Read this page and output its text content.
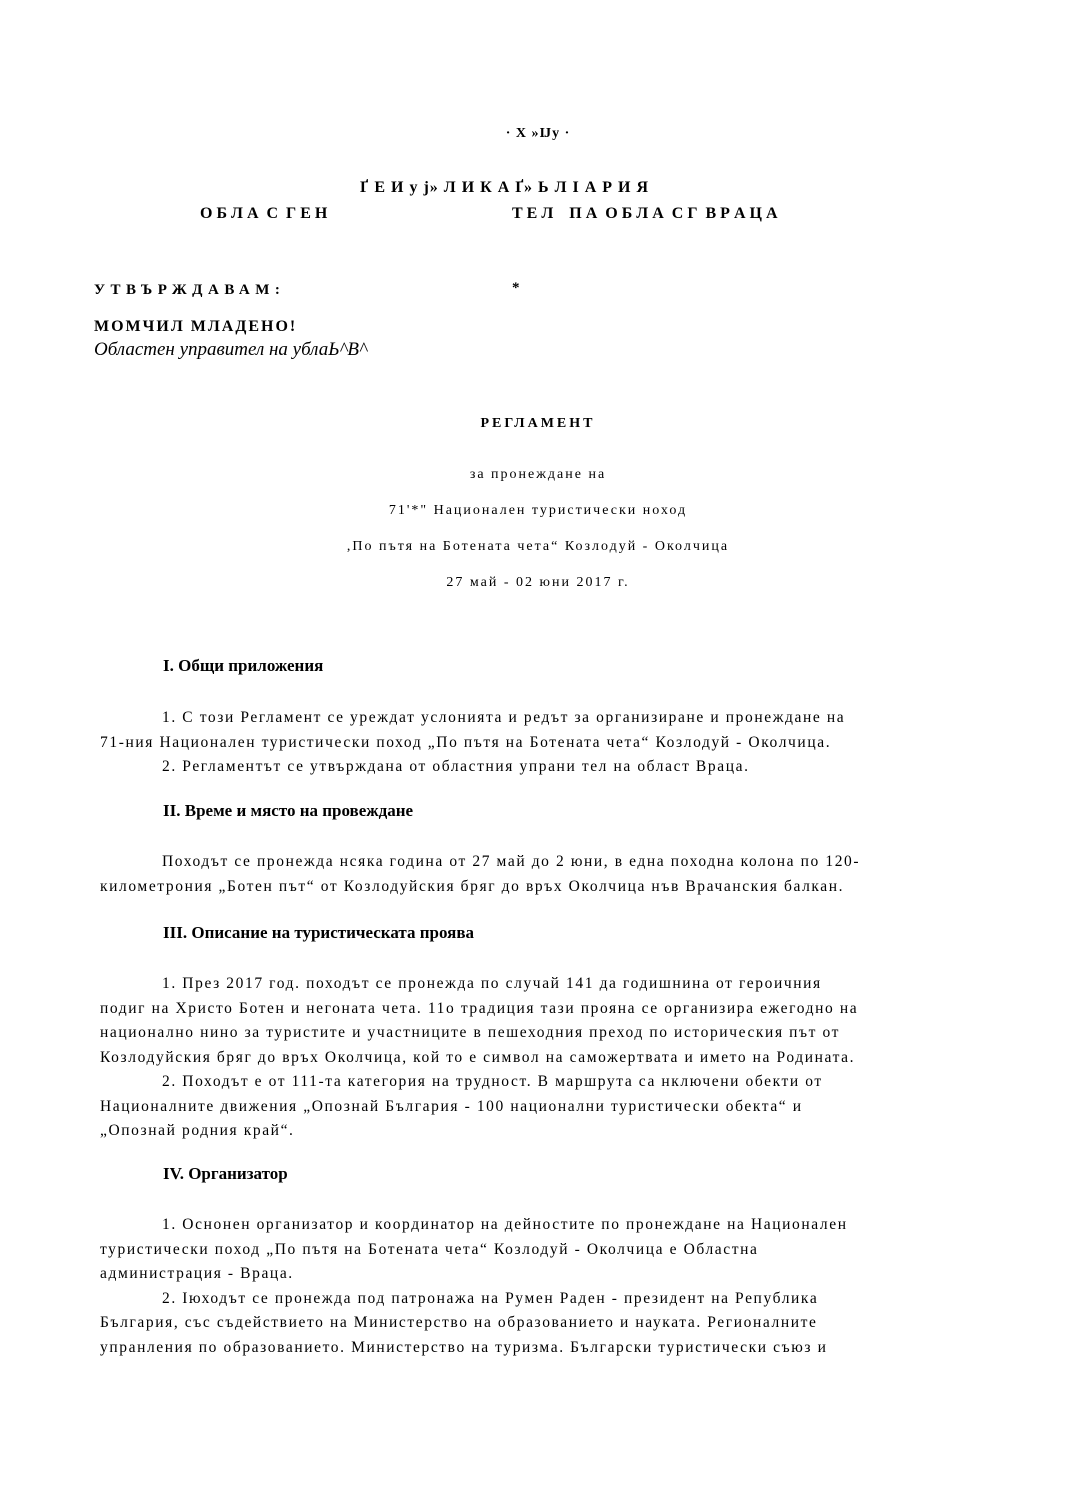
· X »Ĳу ·
Ґ Е И у j» Л И К А Ґ» Ь Л І А Р И Я
О Б Л А  С  Г Е Н	Т Е Л    П А  О Б Л А  С Г  В Р А Ц А
УТВЪРЖДАВАМ:	*
МОМЧИЛ МЛАДЕНО!
Областен управител на ублаЬ^В^
РЕГЛАМЕНТ
за пронеждане на
71'*" Национален туристически ноход
,По пътя на Ботената чета“ Козлодуй - Околчица
27 май - 02 юни 2017 г.
I. Общи приложения
1. С този Регламент се уреждат услонията и редът за организиране и пронеждане на
71-ния Национален туристически поход „По пътя на Ботената чета“ Козлодуй - Околчица.
2. Регламентът се утвърждана от областния упрани тел на област Враца.
II. Време и място на провеждане
Походът се пронежда нсяка година от 27 май до 2 юни, в една походна колона по 120-
километрония „Ботен път“ от Козлодуйския бряг до връх Околчица нъв Врачанския балкан.
III. Описание на туристическата проява
1. През 2017 год. походът се пронежда по случай 141 да годишнина от героичния
подиг на Христо Ботен и негоната чета. 11о традиция тази прояна се организира ежегодно на
национално нино за туристите и участниците в пешеходния преход по историческия път от
Козлодуйския бряг до връх Околчица, кой то е символ на саможертвата и името на Родината.
2. Походът е от 111-та категория на трудност. В маршрута са нключени обекти от
Националните движения „Опознай България - 100 национални туристически обекта“ и
„Опознай родния край“.
IV. Организатор
1. Оснонен организатор и координатор на дейностите по пронеждане на Национален
туристически поход „По пътя на Ботената чета“ Козлодуй - Околчица е Областна
администрация - Враца.
2. Iюходът се пронежда под патронажа на Румен Раден - президент на Република
България, със съдействието на Министерство на образованието и науката. Регионалните
упранления по образованието. Министерство на туризма. Български туристически съюз и
